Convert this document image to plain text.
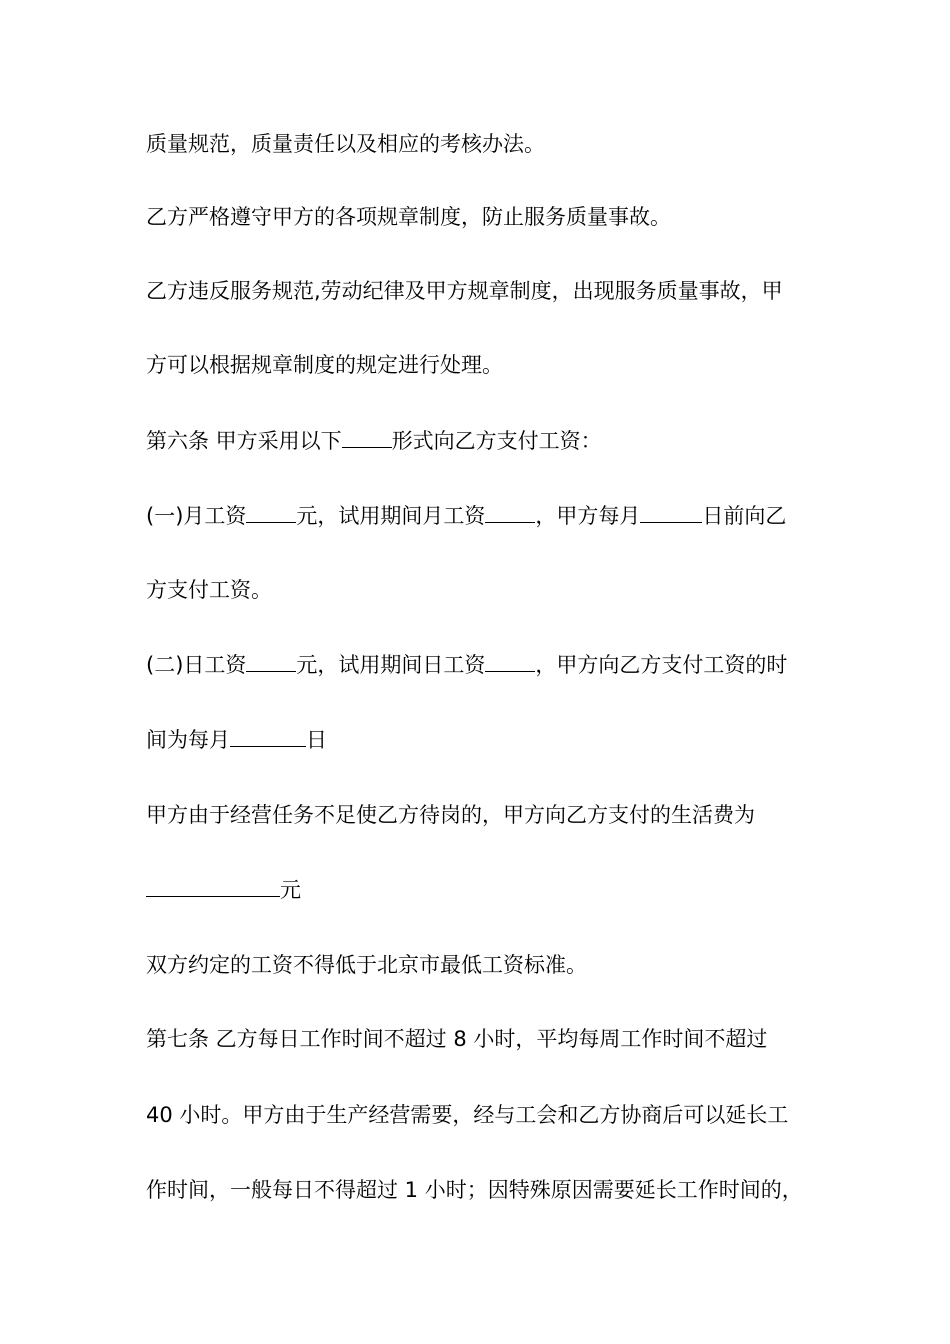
质量规范，质量责任以及相应的考核办法。
乙方严格遵守甲方的各项规章制度，防止服务质量事故。
乙方违反服务规范,劳动纪律及甲方规章制度，出现服务质量事故，甲
方可以根据规章制度的规定进行处理。
第六条 甲方采用以下 形式向乙方支付工资：
(一)月工资 元，试用期间月工资 ，甲方每月	日前向乙
方支付工资。
(二)日工资 元，试用期间日工资 ，甲方向乙方支付工资的时
间为每月	日
甲方由于经营任务不足使乙方待岗的，甲方向乙方支付的生活费为
元
双方约定的工资不得低于北京市最低工资标准。
第七条 乙方每日工作时间不超过 8 小时，平均每周工作时间不超过
40 小时。甲方由于生产经营需要，经与工会和乙方协商后可以延长工
作时间，一般每日不得超过 1 小时；因特殊原因需要延长工作时间的，
